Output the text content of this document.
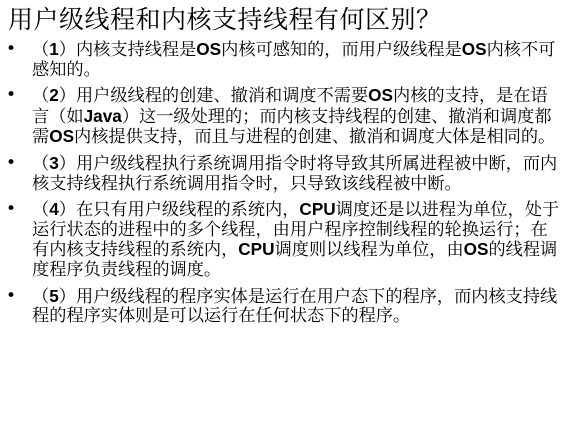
用户级线程和内核支持线程有何区别？
• （1）内核支持线程是OS内核可感知的，而用户级线程是OS内核不可感知的。
• （2）用户级线程的创建、撤消和调度不需要OS内核的支持，是在语言（如Java）这一级处理的；而内核支持线程的创建、撤消和调度都需OS内核提供支持，而且与进程的创建、撤消和调度大体是相同的。
• （3）用户级线程执行系统调用指令时将导致其所属进程被中断，而内核支持线程执行系统调用指令时，只导致该线程被中断。
• （4）在只有用户级线程的系统内，CPU调度还是以进程为单位，处于运行状态的进程中的多个线程，由用户程序控制线程的轮换运行；在有内核支持线程的系统内，CPU调度则以线程为单位，由OS的线程调度程序负责线程的调度。
• （5）用户级线程的程序实体是运行在用户态下的程序，而内核支持线程的程序实体则是可以运行在任何状态下的程序。
